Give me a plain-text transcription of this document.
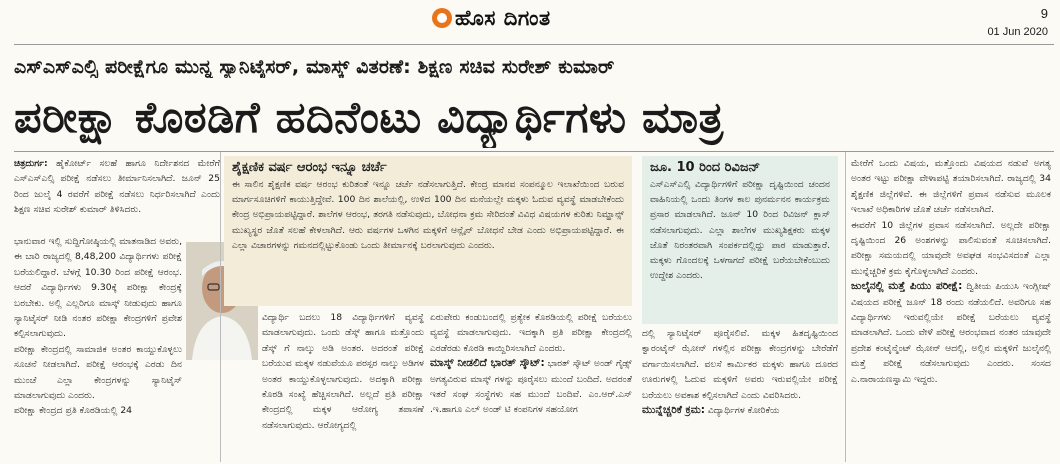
ಹೊಸ ದಿಗಂತ	9
01 Jun 2020
ಎಸ್ಎಸ್ಎಲ್ಸಿ ಪರೀಕ್ಷೆಗೂ ಮುನ್ನ ಸ್ಯಾನಿಟೈಸರ್, ಮಾಸ್ಕ್ ವಿತರಣೆ: ಶಿಕ್ಷಣ ಸಚಿವ ಸುರೇಶ್ ಕುಮಾರ್
ಪರೀಕ್ಷಾ ಕೊಠಡಿಗೆ ಹದಿನೆಂಟು ವಿದ್ಯಾರ್ಥಿಗಳು ಮಾತ್ರ

ಚಿತ್ರದುರ್ಗ: ಹೈಕೋರ್ಟ್ ಸಲಹೆ ಹಾಗೂ ನಿರ್ದೇಶನದ ಮೇರೆಗೆ ಎಸ್ಎಸ್ಎಲ್ಸಿ ಪರೀಕ್ಷೆ ನಡೆಸಲು ತೀರ್ಮಾನಿಸಲಾಗಿದೆ. ಜೂನ್ 25 ರಿಂದ ಜುಲೈ 4 ರವರೆಗೆ ಪರೀಕ್ಷೆ ನಡೆಸಲು ನಿರ್ಧರಿಸಲಾಗಿದೆ ಎಂದು ಶಿಕ್ಷಣ ಸಚಿವ ಸುರೇಶ್ ಕುಮಾರ್ ತಿಳಿಸಿದರು.

ಭಾನುವಾರ ಇಲ್ಲಿ ಸುದ್ದಿಗೋಷ್ಠಿಯಲ್ಲಿ ಮಾತನಾಡಿದ ಅವರು, ಈ ಬಾರಿ ರಾಜ್ಯದಲ್ಲಿ 8,48,200 ವಿದ್ಯಾರ್ಥಿಗಳು ಪರೀಕ್ಷೆ ಬರೆಯಲಿದ್ದಾರೆ. ಬೆಳಗ್ಗೆ 10.30 ರಿಂದ ಪರೀಕ್ಷೆ ಆರಂಭ. ಆದರೆ ವಿದ್ಯಾರ್ಥಿಗಳು 9.30ಕ್ಕೆ ಪರೀಕ್ಷಾ ಕೇಂದ್ರಕ್ಕೆ ಬರಬೇಕು. ಅಲ್ಲಿ ಎಲ್ಲರಿಗೂ ಮಾಸ್ಕ್ ನೀಡುವುದು ಹಾಗೂ ಸ್ಯಾನಿಟೈಸರ್ ನೀಡಿ ನಂತರ ಪರೀಕ್ಷಾ ಕೇಂದ್ರಗಳಿಗೆ ಪ್ರವೇಶ ಕಲ್ಪಿಸಲಾಗುವುದು.

ಪರೀಕ್ಷಾ ಕೇಂದ್ರದಲ್ಲಿ ಸಾಮಾಜಿಕ ಅಂತರ ಕಾಯ್ದುಕೊಳ್ಳಲು ಸೂಚನೆ ನೀಡಲಾಗಿದೆ. ಪರೀಕ್ಷೆ ಆರಂಭಕ್ಕೆ ಎರಡು ದಿನ ಮುಂಚೆ ಎಲ್ಲಾ ಕೇಂದ್ರಗಳನ್ನು ಸ್ಯಾನಿಟೈಸ್ ಮಾಡಲಾಗುವುದು ಎಂದರು.

ಪರೀಕ್ಷಾ ಕೇಂದ್ರದ ಪ್ರತಿ ಕೊಠಡಿಯಲ್ಲಿ 24

ಶೈಕ್ಷಣಿಕ ವರ್ಷ ಆರಂಭ ಇನ್ನೂ ಚರ್ಚೆ
ಈ ಸಾಲಿನ ಶೈಕ್ಷಣಿಕ ವರ್ಷ ಆರಂಭ ಕುರಿತಂತೆ ಇನ್ನೂ ಚರ್ಚೆ ನಡೆಸಲಾಗುತ್ತಿದೆ. ಕೇಂದ್ರ ಮಾನವ ಸಂಪನ್ಮೂಲ ಇಲಾಖೆಯಿಂದ ಬರುವ ಮಾರ್ಗಸೂಚಿಗಳಿಗೆ ಕಾಯುತ್ತಿದ್ದೇವೆ. 100 ದಿನ ಶಾಲೆಯಲ್ಲಿ, ಉಳಿದ 100 ದಿನ ಮನೆಯಲ್ಲೇ ಮಕ್ಕಳು ಓದುವ ವ್ಯವಸ್ಥೆ ಮಾಡಬೇಕೆಂದು ಕೇಂದ್ರ ಅಭಿಪ್ರಾಯಪಟ್ಟಿದ್ದಾರೆ. ಶಾಲೆಗಳ ಆರಂಭ, ತರಗತಿ ನಡೆಸುವುದು, ಬೋಧನಾ ಕ್ರಮ ಸೇರಿದಂತೆ ವಿವಿಧ ವಿಷಯಗಳ ಕುರಿತು ನಿಮ್ಹಾನ್ಸ್ ಮುಖ್ಯಸ್ಥರ ಜೊತೆ ಸಲಹೆ ಕೇಳಲಾಗಿದೆ. ಆರು ವರ್ಷಗಳ ಒಳಗಿನ ಮಕ್ಕಳಿಗೆ ಆನ್ಲೈನ್ ಬೋಧನೆ ಬೇಡ ಎಂದು ಅಭಿಪ್ರಾಯಪಟ್ಟಿದ್ದಾರೆ. ಈ ಎಲ್ಲಾ ವಿಚಾರಗಳನ್ನು ಗಮನದಲ್ಲಿಟ್ಟುಕೊಂಡು ಒಂದು ತೀರ್ಮಾನಕ್ಕೆ ಬರಲಾಗುವುದು ಎಂದರು.
ಜೂ. 10 ರಿಂದ ರಿವಿಜನ್
ಎಸ್ಎಸ್ಎಲ್ಸಿ ವಿದ್ಯಾರ್ಥಿಗಳಿಗೆ ಪರೀಕ್ಷಾ ದೃಷ್ಟಿಯಿಂದ ಚಂದನ ವಾಹಿನಿಯಲ್ಲಿ ಒಂದು ತಿಂಗಳ ಕಾಲ ಪುನರ್ಮನನ ಕಾರ್ಯಕ್ರಮ ಪ್ರಸಾರ ಮಾಡಲಾಗಿದೆ. ಜೂನ್ 10 ರಿಂದ ರಿವಿಜನ್ ಕ್ಲಾಸ್ ನಡೆಸಲಾಗುವುದು. ಎಲ್ಲಾ ಶಾಲೆಗಳ ಮುಖ್ಯಶಿಕ್ಷಕರು ಮಕ್ಕಳ ಜೊತೆ ನಿರಂತರವಾಗಿ ಸಂಪರ್ಕದಲ್ಲಿದ್ದು ಪಾಠ ಮಾಡುತ್ತಾರೆ. ಮಕ್ಕಳು ಗೊಂದಲಕ್ಕೆ ಒಳಗಾಗದೆ ಪರೀಕ್ಷೆ ಬರೆಯಬೇಕೆಂಬುದು ಉದ್ದೇಶ ಎಂದರು.

ವಿದ್ಯಾರ್ಥಿ ಬದಲು 18 ವಿದ್ಯಾರ್ಥಿಗಳಿಗೆ ವ್ಯವಸ್ಥೆ ಮಾಡಲಾಗುವುದು. ಒಂದು ಡೆಸ್ಕ್ ಹಾಗೂ ಮತ್ತೊಂದು ಡೆಸ್ಕ್ ಗೆ ನಾಲ್ಕು ಅಡಿ ಅಂತರ. ಅದರಂತೆ ಪರೀಕ್ಷೆ ಬರೆಯುವ ಮಕ್ಕಳ ನಡುವೆಯೂ ಪರಸ್ಪರ ನಾಲ್ಕು ಅಡಿಗಳ ಅಂತರ ಕಾಯ್ದುಕೊಳ್ಳಲಾಗುವುದು. ಅದಕ್ಕಾಗಿ ಪರೀಕ್ಷಾ ಕೊಠಡಿ ಸಂಖ್ಯೆ ಹೆಚ್ಚಿಸಲಾಗಿದೆ. ಅಲ್ಲದೆ ಪ್ರತಿ ಪರೀಕ್ಷಾ ಕೇಂದ್ರದಲ್ಲಿ ಮಕ್ಕಳ ಆರೋಗ್ಯ ತಪಾಸಣೆ ನಡೆಸಲಾಗುವುದು. ಆರೋಗ್ಯದಲ್ಲಿ

ಏರುಪೇರು ಕಂಡುಬಂದಲ್ಲಿ ಪ್ರತ್ಯೇಕ ಕೊಠಡಿಯಲ್ಲಿ ಪರೀಕ್ಷೆ ಬರೆಯಲು ವ್ಯವಸ್ಥೆ ಮಾಡಲಾಗುವುದು. ಇದಕ್ಕಾಗಿ ಪ್ರತಿ ಪರೀಕ್ಷಾ ಕೇಂದ್ರದಲ್ಲಿ ಎರಡೆರಡು ಕೊಠಡಿ ಕಾಯ್ದಿರಿಸಲಾಗಿದೆ ಎಂದರು.

ಮಾಸ್ಕ್ ನೀಡಲಿದೆ ಭಾರತ್ ಸ್ಕೌಟ್: ಭಾರತ್ ಸ್ಕೌಟ್ ಅಂಡ್ ಗೈಡ್ಸ್ ಅಗತ್ಯವಿರುವ ಮಾಸ್ಕ್ ಗಳನ್ನು ಪೂರೈಸಲು ಮುಂದೆ ಬಂದಿದೆ. ಅದರಂತೆ ಇತರೆ ಸಂಘ ಸಂಸ್ಥೆಗಳು ಸಹ ಮುಂದೆ ಬಂದಿವೆ. ಎಂ.ಆರ್.ಎಸ್ .ಇ.ಹಾಗೂ ಎಲ್ ಅಂಡ್ ಟಿ ಕಂಪನಿಗಳ ಸಹಯೋಗ

ದಲ್ಲಿ ಸ್ಯಾನಿಟೈಸರ್ ಪೂರೈಸಲಿವೆ. ಮಕ್ಕಳ ಹಿತದೃಷ್ಟಿಯಿಂದ ಕ್ವಾರಂಟೈನ್ ಝೋನ್ ಗಳಲ್ಲಿನ ಪರೀಕ್ಷಾ ಕೇಂದ್ರಗಳನ್ನು ಬೇರೆಡೆಗೆ ವರ್ಗಾಯಿಸಲಾಗಿದೆ. ವಲಸೆ ಕಾರ್ಮಿಕರ ಮಕ್ಕಳು ಹಾಗೂ ದೂರದ ಊರುಗಳಲ್ಲಿ ಓದುವ ಮಕ್ಕಳಿಗೆ ಅವರು ಇರುವಲ್ಲಿಯೇ ಪರೀಕ್ಷೆ ಬರೆಯಲು ಅವಕಾಶ ಕಲ್ಪಿಸಲಾಗಿದೆ ಎಂದು ವಿವರಿಸಿದರು.

ಮುನ್ನೆಚ್ಚರಿಕೆ ಕ್ರಮ: ವಿದ್ಯಾರ್ಥಿಗಳ ಕೋರಿಕೆಯ

ಮೇರೆಗೆ ಒಂದು ವಿಷಯ, ಮತ್ತೊಂದು ವಿಷಯದ ನಡುವೆ ಅಗತ್ಯ ಅಂತರ ಇಟ್ಟು ಪರೀಕ್ಷಾ ವೇಳಾಪಟ್ಟಿ ತಯಾರಿಸಲಾಗಿದೆ. ರಾಜ್ಯದಲ್ಲಿ 34 ಶೈಕ್ಷಣಿಕ ಜಿಲ್ಲೆಗಳಿವೆ. ಈ ಜಿಲ್ಲೆಗಳಿಗೆ ಪ್ರವಾಸ ನಡೆಸುವ ಮೂಲಕ ಇಲಾಖೆ ಅಧಿಕಾರಿಗಳ ಜೊತೆ ಚರ್ಚೆ ನಡೆಸಲಾಗಿದೆ.

ಈವರೆಗೆ 10 ಜಿಲ್ಲೆಗಳ ಪ್ರವಾಸ ನಡೆಸಲಾಗಿದೆ. ಅಲ್ಲದೇ ಪರೀಕ್ಷಾ ದೃಷ್ಟಿಯಿಂದ 26 ಅಂಶಗಳನ್ನು ಪಾಲಿಸುವಂತೆ ಸೂಚಿಸಲಾಗಿದೆ. ಪರೀಕ್ಷಾ ಸಮಯದಲ್ಲಿ ಯಾವುದೇ ಅವಘಡ ಸಂಭವಿಸದಂತೆ ಎಲ್ಲಾ ಮುನ್ನೆಚ್ಚರಿಕೆ ಕ್ರಮ ಕೈಗೊಳ್ಳಲಾಗಿದೆ ಎಂದರು.

ಜುಲೈನಲ್ಲಿ ಮತ್ತೆ ಪಿಯು ಪರೀಕ್ಷೆ: ದ್ವಿತೀಯ ಪಿಯುಸಿ ಇಂಗ್ಲೀಷ್ ವಿಷಯದ ಪರೀಕ್ಷೆ ಜೂನ್ 18 ರಂದು ನಡೆಯಲಿದೆ. ಅವರಿಗೂ ಸಹ ವಿದ್ಯಾರ್ಥಿಗಳು ಇರುವಲ್ಲಿಯೇ ಪರೀಕ್ಷೆ ಬರೆಯಲು ವ್ಯವಸ್ಥೆ ಮಾಡಲಾಗಿದೆ. ಒಂದು ವೇಳೆ ಪರೀಕ್ಷೆ ಆರಂಭವಾದ ನಂತರ ಯಾವುದೇ ಪ್ರದೇಶ ಕಂಟೈನ್ಮೆಂಟ್ ಝೋನ್ ಆದಲ್ಲಿ, ಅಲ್ಲಿನ ಮಕ್ಕಳಿಗೆ ಜುಲೈನಲ್ಲಿ ಮತ್ತೆ ಪರೀಕ್ಷೆ ನಡೆಸಲಾಗುವುದು ಎಂದರು. ಸಂಸದ ಎ.ನಾರಾಯಣಸ್ವಾಮಿ ಇದ್ದರು.
